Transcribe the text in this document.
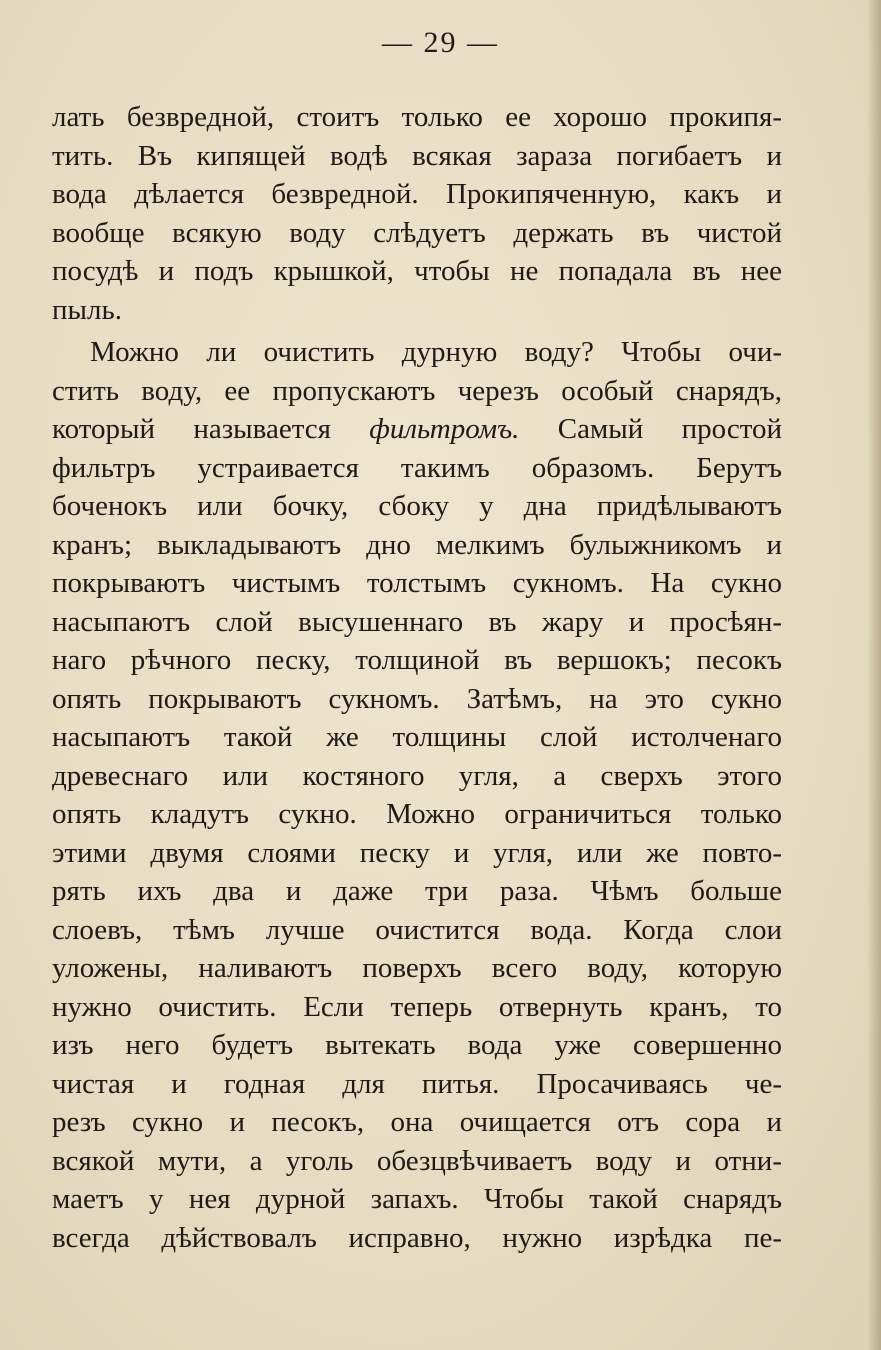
— 29 —
лать безвредной, стоитъ только ее хорошо прокипя-
тить. Въ кипящей водѣ всякая зараза погибаетъ и
вода дѣлается безвредной. Прокипяченную, какъ и
вообще всякую воду слѣдуетъ держать въ чистой
посудѣ и подъ крышкой, чтобы не попадала въ нее
пыль.
Можно ли очистить дурную воду? Чтобы очи-
стить воду, ее пропускаютъ черезъ особый снарядъ,
который называется фильтромъ. Самый простой
фильтръ устраивается такимъ образомъ. Берутъ
боченокъ или бочку, сбоку у дна придѣлываютъ
кранъ; выкладываютъ дно мелкимъ булыжникомъ и
покрываютъ чистымъ толстымъ сукномъ. На сукно
насыпаютъ слой высушеннаго въ жару и просѣян-
наго рѣчного песку, толщиной въ вершокъ; песокъ
опять покрываютъ сукномъ. Затѣмъ, на это сукно
насыпаютъ такой же толщины слой истолченаго
древеснаго или костяного угля, а сверхъ этого
опять кладутъ сукно. Можно ограничиться только
этими двумя слоями песку и угля, или же повто-
рять ихъ два и даже три раза. Чѣмъ больше
слоевъ, тѣмъ лучше очистится вода. Когда слои
уложены, наливаютъ поверхъ всего воду, которую
нужно очистить. Если теперь отвернуть кранъ, то
изъ него будетъ вытекать вода уже совершенно
чистая и годная для питья. Просачиваясь че-
резъ сукно и песокъ, она очищается отъ сора и
всякой мути, а уголь обезцвѣчиваетъ воду и отни-
маетъ у нея дурной запахъ. Чтобы такой снарядъ
всегда дѣйствовалъ исправно, нужно изрѣдка пе-
